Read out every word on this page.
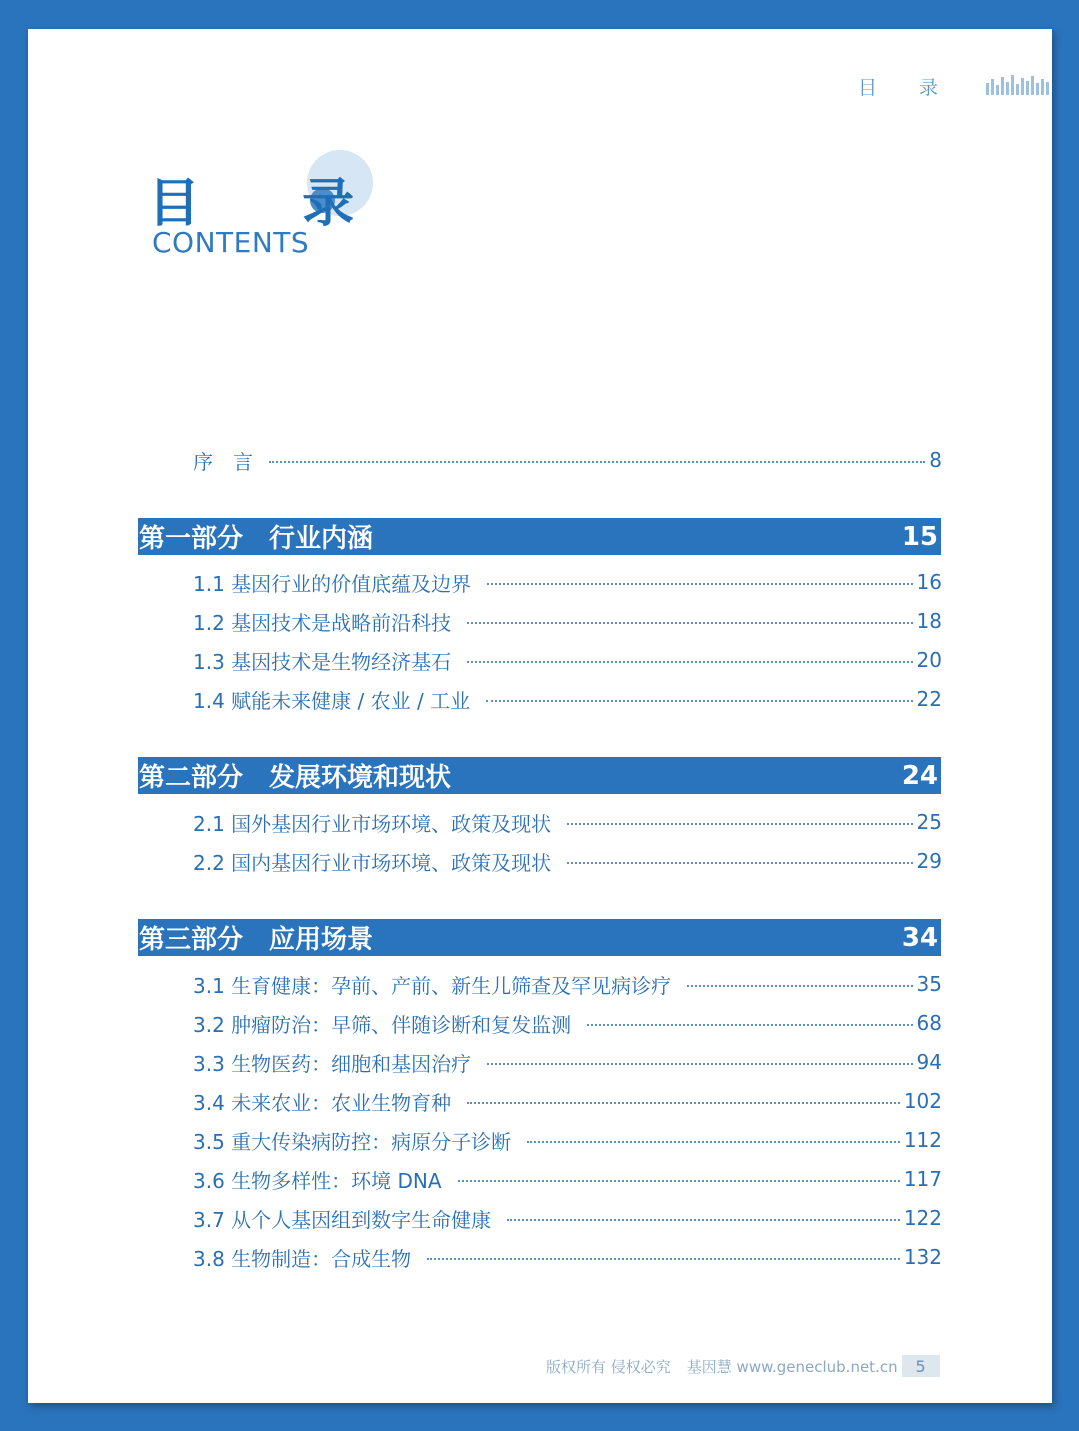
目 录
目 录
CONTENTS
序　言	8
第一部分　行业内涵	15
1.1 基因行业的价值底蕴及边界	16
1.2 基因技术是战略前沿科技	18
1.3 基因技术是生物经济基石	20
1.4 赋能未来健康 / 农业 / 工业	22
第二部分　发展环境和现状	24
2.1 国外基因行业市场环境、政策及现状	25
2.2 国内基因行业市场环境、政策及现状	29
第三部分　应用场景	34
3.1 生育健康：孕前、产前、新生儿筛查及罕见病诊疗	35
3.2 肿瘤防治：早筛、伴随诊断和复发监测	68
3.3 生物医药：细胞和基因治疗	94
3.4 未来农业：农业生物育种	102
3.5 重大传染病防控：病原分子诊断	112
3.6 生物多样性：环境 DNA	117
3.7 从个人基因组到数字生命健康	122
3.8 生物制造：合成生物	132
版权所有 侵权必究 基因慧 www.geneclub.net.cn	5
